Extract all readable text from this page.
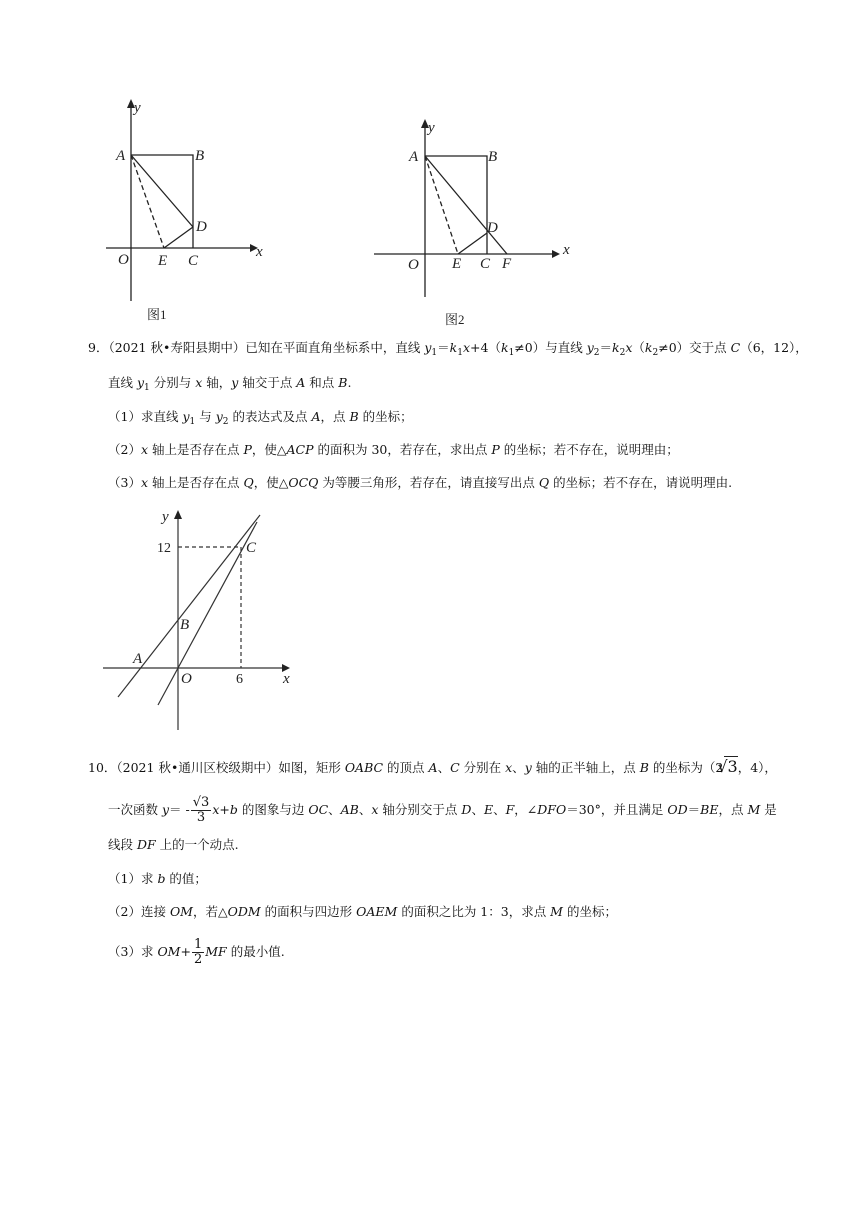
y
x
A	B
D
O E C
图1
y
x
A	B
D
O E C F
图2
9．（2021 秋•寿阳县期中）已知在平面直角坐标系中，直线 $y_1=k_1x+4(k_1\ne 0)$与直线 $y_2=k_2x(k_2\ne 0)$交于点 C（6，12），
直线 $y_1$ 分别与 x 轴，y 轴交于点 A 和点 B.
（1）求直线 $y_1$ 与 $y_2$ 的表达式及点 A，点 B 的坐标；
（2）x 轴上是否存在点 P，使△ACP 的面积为 30，若存在，求出点 P 的坐标；若不存在，说明理由；
（3）x 轴上是否存在点 Q，使△OCQ 为等腰三角形，若存在，请直接写出点 Q 的坐标；若不存在，请说明理由.
y
x
C
B
A
O
12
6
10．（2021 秋•通川区校级期中）如图，矩形 OABC 的顶点 A、C 分别在 x、y 轴的正半轴上，点 B 的坐标为（2√ 3，4），
一次函数 $y= - \frac{√3}{3} x+b$ 的图象与边 OC、AB、x 轴分别交于点 D、E、F，∠DFO＝30°，并且满足 OD＝BE，点 M 是
线段 DF 上的一个动点.
（1）求 b 的值；
（2）连接 OM，若△ODM 的面积与四边形 OAEM 的面积之比为 1：3，求点 M 的坐标；
（3）求 $OM+ \frac{1}{2}$ MF 的最小值.
